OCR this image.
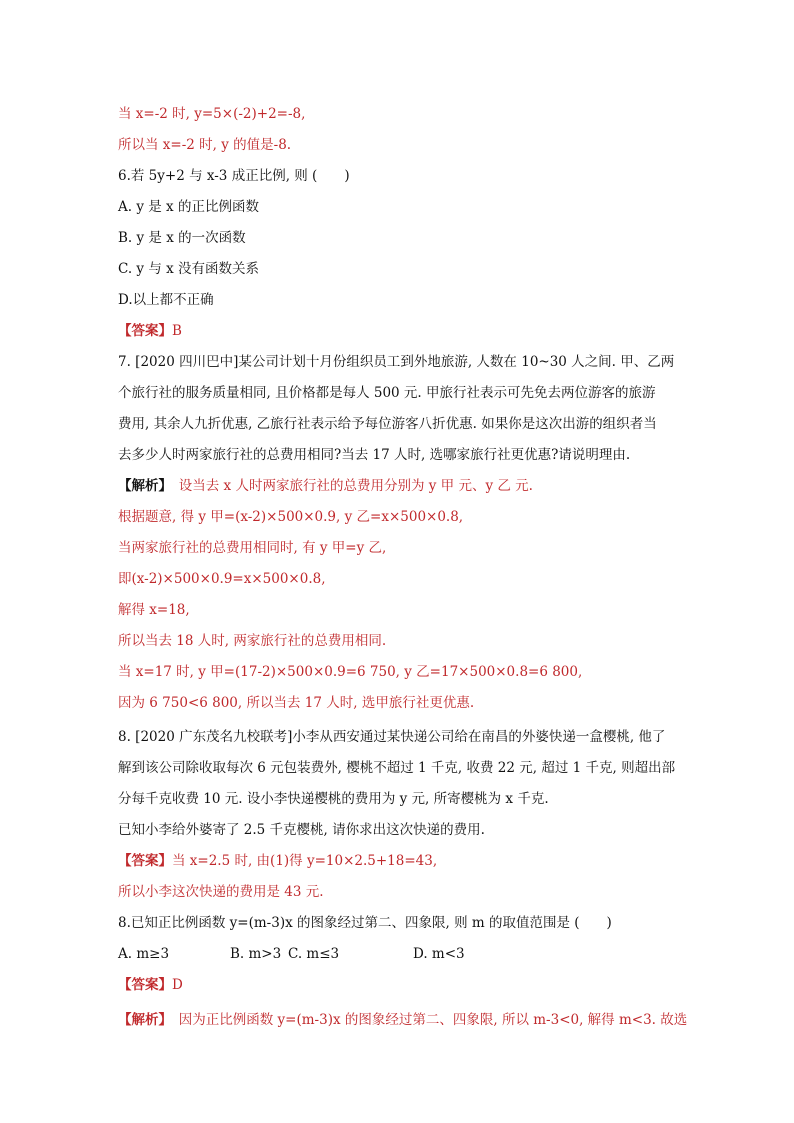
当 x=-2 时, y=5×(-2)+2=-8,
所以当 x=-2 时, y 的值是-8.
6.若 5y+2 与 x-3 成正比例, 则 (　　)
A. y 是 x 的正比例函数
B. y 是 x 的一次函数
C. y 与 x 没有函数关系
D.以上都不正确
【答案】B
7. [2020 四川巴中]某公司计划十月份组织员工到外地旅游, 人数在 10~30 人之间. 甲、乙两
个旅行社的服务质量相同, 且价格都是每人 500 元. 甲旅行社表示可先免去两位游客的旅游
费用, 其余人九折优惠, 乙旅行社表示给予每位游客八折优惠. 如果你是这次出游的组织者当
去多少人时两家旅行社的总费用相同?当去 17 人时, 选哪家旅行社更优惠?请说明理由.
【解析】　设当去 x 人时两家旅行社的总费用分别为 y 甲 元、y 乙 元.
根据题意, 得 y 甲=(x-2)×500×0.9, y 乙=x×500×0.8,
当两家旅行社的总费用相同时, 有 y 甲=y 乙,
即(x-2)×500×0.9=x×500×0.8,
解得 x=18,
所以当去 18 人时, 两家旅行社的总费用相同.
当 x=17 时, y 甲=(17-2)×500×0.9=6 750, y 乙=17×500×0.8=6 800,
因为 6 750<6 800, 所以当去 17 人时, 选甲旅行社更优惠.
8. [2020 广东茂名九校联考]小李从西安通过某快递公司给在南昌的外婆快递一盒樱桃, 他了
解到该公司除收取每次 6 元包装费外, 樱桃不超过 1 千克, 收费 22 元, 超过 1 千克, 则超出部
分每千克收费 10 元. 设小李快递樱桃的费用为 y 元, 所寄樱桃为 x 千克.
已知小李给外婆寄了 2.5 千克樱桃, 请你求出这次快递的费用.
【答案】当 x=2.5 时, 由(1)得 y=10×2.5+18=43,
所以小李这次快递的费用是 43 元.
8.已知正比例函数 y=(m-3)x 的图象经过第二、四象限, 则 m 的取值范围是 (　　)
A. m≥3	B. m>3 C. m≤3	D. m<3
【答案】D
【解析】　因为正比例函数 y=(m-3)x 的图象经过第二、四象限, 所以 m-3<0, 解得 m<3. 故选
